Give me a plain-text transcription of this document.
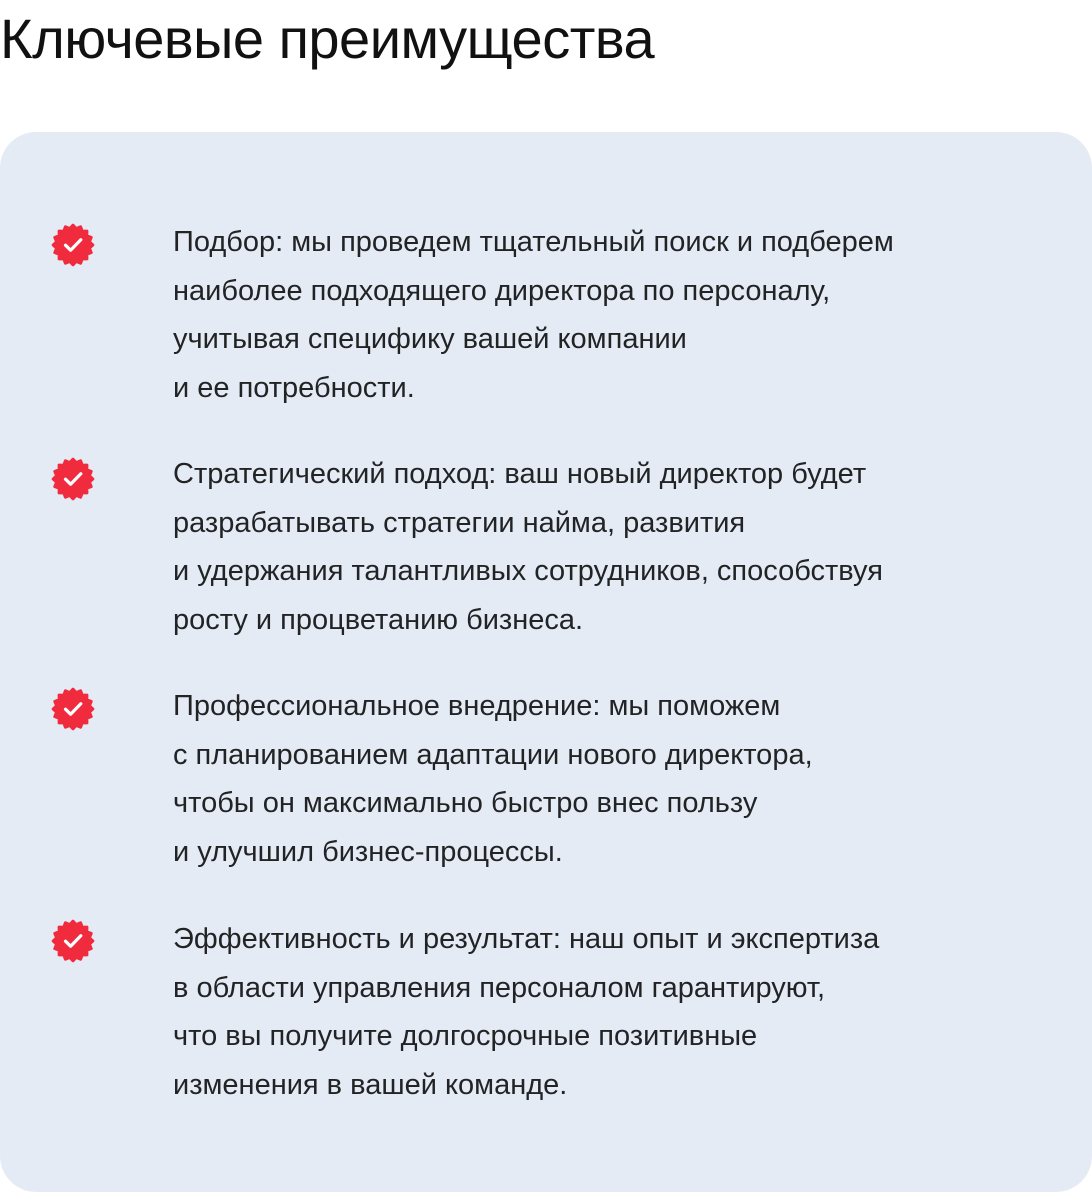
Ключевые преимущества

Подбор: мы проведем тщательный поиск и подберем
наиболее подходящего директора по персоналу,
учитывая специфику вашей компании
и ее потребности.

Стратегический подход: ваш новый директор будет
разрабатывать стратегии найма, развития
и удержания талантливых сотрудников, способствуя
росту и процветанию бизнеса.

Профессиональное внедрение: мы поможем
с планированием адаптации нового директора,
чтобы он максимально быстро внес пользу
и улучшил бизнес-процессы.

Эффективность и результат: наш опыт и экспертиза
в области управления персоналом гарантируют,
что вы получите долгосрочные позитивные
изменения в вашей команде.
